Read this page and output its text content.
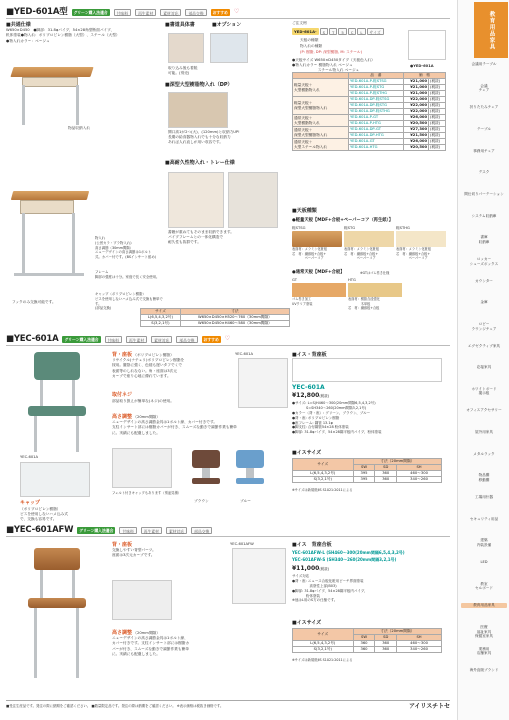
■YED-601A型	グリーン購入法適合	甘味料	再生素材	素材対応	部品交換	おすすめ	♡
■共通仕様
W650×D450　●脚部：31.8φパイプ、54×28角型断面パイプ、
机体塗装●物入れ：ポリプロピレン樹脂（大型）、スチール（大型）
●物入れカラー：ベージュ
物品収納入れ
■書道具体書	■オプション
取り込み後も着脱
可能。(別売)
■深型大型樹脂物入れ（DP）
開口高1が2つ(大)、(120mm)と収納力UP!
長期の給食器物入れでも十分な収納力
あれば人れ直しが用い収容です。
■高耐久性物入れ・トレー仕様
書籍が重ねてもそのまま収納できます。
パイプフレームとの一体化構造で
耐久性も抜群です。
物入れ
(公団カラ・プラ物入れ)
高さ調節（30mm間隔）
ニューデザインの高さ調節は1ボルト
式。カバー付です。(BSインサート留め)
フレーム
脚部の強度は十分。家庭で長く安全使用。
キャップ（ポリプロピレン樹脂）
ビスを使用しないハメ込み式で交換も簡単です。
(部品交換)
フックのみ交換可能です。
サイズ	寸法
L(6,5,4,3,2号)	W650×D450×H520〜760（30mm間隔）
S(3,2,1号)	W650×D450×H460〜580（30mm間隔）
ご注文例
YED-601A-	S	T	5	C	L	サイズ
天板の種類
物入れの種類
(P: 樹脂, DP: 深型樹脂, M: スチール)
●天板サイズ W650×D450タイプ（天板色入れ）
●物入れカラー 樹脂物入れ ベージュ
　　　　　　　スチール物入れ ベージュ
●YED-601A
	品　番	価　格	
軽量天板＋
大型樹脂物入れ	YED-601A-P-軽STSG	¥21,000	(税抜)
	YED-601A-P-軽STG	¥21,000	(税抜)
	YED-601A-P-軽STHG	¥21,000	(税抜)
軽量天板＋
深型大型樹脂物入れ	YED-601A-DP-軽STSG	¥22,000	(税抜)
	YED-601A-DP-軽STG	¥22,000	(税抜)
	YED-601A-DP-軽STHG	¥22,000	(税抜)
通常天板＋
大型樹脂物入れ	YED-601A-P-GT	¥26,000	(税抜)
	YED-601A-P-HTG	¥20,500	(税抜)
通常天板＋
深型大型樹脂物入れ	YED-601A-DP-GT	¥27,300	(税抜)
	YED-601A-DP-HTG	¥21,500	(税抜)
通常天板＋
大型スチール物入れ	YED-601A-GT	¥26,000	(税抜)
	YED-601A-HTG	¥20,500	(税抜)
■天板種類
●軽量天板【MDF+合板+ペーパーコア（再生紙）】
軽STSG
表面材：メラミン化粧板
芯　材：繊維板+合板+
　　　　ペーパーコア
軽STG
表面材：メラミン化粧板
芯　材：繊維板+合板+
　　　　ペーパーコア
軽STHG
表面材：メラミン化粧板
芯　材：繊維板+合板+
　　　　ペーパーコア
●通常天板【MDF+合板】	※GTはゴム巻き仕様
GT
ゴム巻き加工
UVクリア塗装
HTG
表面材：樹脂含浸強化
　　　　木単板
芯　材：繊維板+合板
■YEC-601A	グリーン購入法適合	甘味料	再生素材	素材対応	部品交換	おすすめ	♡
YEC-601A
キャップ
（ポリプロピレン樹脂）
ビスを使用しないハメ込み式
で、交換も容易です。
背・座板 （ポリプロピレン樹脂）
リサイクル(ナチュリ)ポリプロピレン樹脂を
採用。腰掛に強く、色褪も遅いタフでくで
表面等のしれなない。角・座面は3次元
カーブで座り心地に優れています。
取付ネジ
部品取り扱えが簡単な(ネジ)の使用。
高さ調整 （20mm間隔）
ニューデザインの高さ調節金具は1ボルト締、カバー付きです。
支柱インサート部には樹脂カバーが付き、スムーズな動きで調節作業も簡単
に。実績にも配慮しました。
YEC-601A
フェルト付きキャップもあります（別途見積）
ブラウン	ブルー
■イス・背座板
YEC-601A
¥12,800(税抜)
●サイズ: L=S(H460〜300(20mm間隔6,5,4,3,2号)
　　　　S=SH340〜260(20mm間隔3,2,1号)
●カラー（背・座）: グリーン、ブラウン、ブルー
●背・座: ポリプロピレン樹脂
●座フレーム: 鋼管 13.1φ
●脚支柱: 合付鋼管54×28 粉体塗装
●脚部: 31.8φパイプ、54×28鋼平板内パイプ、粉体塗装
■イスサイズ
サイズ	寸法（20mm間隔）		
	SW	SD	SH
L(6,5,4,3,2号)	395	360	460〜300
S(3,2,1号)	395	360	340〜260
※サイズは新規格JIS S1021:2011による
■YEC-601AFW	グリーン購入法適合	甘味料	再生素材	素材対応	部品交換
背・座板
交換しやすい背型パーツ。
座面は3次元カーブです。
YEC-601AFW
高さ調整 （20mm間隔）
ニューデザインの高さ調節金具は1ボルト締、
カバー付きです。支柱インサート部には樹脂カ
バーが付き、スムーズな動きで調節作業も簡単
に。実績にも配慮しました。
■イス　背座合板
YEC-601AFW-L (SH460〜300(20mm間隔6,5,4,3,2号)
YEC-601AFW-S (SH340〜260(20mm間隔3,2,1号)
¥11,000(税抜)
サイズ対応
●背・座: ニュース合板化粧用ビーチ界面塗装
　　　　　高塗性上部(B03)
●脚部: 31.8φパイプ、54×28鋼平板内パイプ、
　　　　粉体塗装
※他はL用のS方の仕様です。
■イスサイズ
サイズ	寸法（20mm間隔）		
	SW	SD	SH
L(6,5,4,3,2号)	360	360	460〜300
S(3,2,1号)	360	360	340〜260
※サイズは新規格JIS S1021:2011による
■受注生産品です。発注の際に納期をご確認ください。 ■数量限定品です。発注の際は納期をご確認ください。 ※表示価格は税抜き価格です。	アイリスチトセ
教育用品家具
会議用テーブル
会議
チェア
折りたたみチェア
テーブル
事務用チェア
デスク
間仕切りパーテーション
システム収納庫
書庫
収納庫
ロッカー
シューズボックス
カウンター
金庫
ロビー
ラウンジチェア
エグゼクティブ家具
応接家具
ホワイトボード
掲示板
オフィスアクセサリー
屋外用家具
メタルラック
物品棚
移動棚
工場用什器
セキュリティ用品
建築
内装設備
LED
教室
セルボード
教育用品家具
医療
福祉家具
保健室家具
業務用
店舗家具
海外直販ブランド
